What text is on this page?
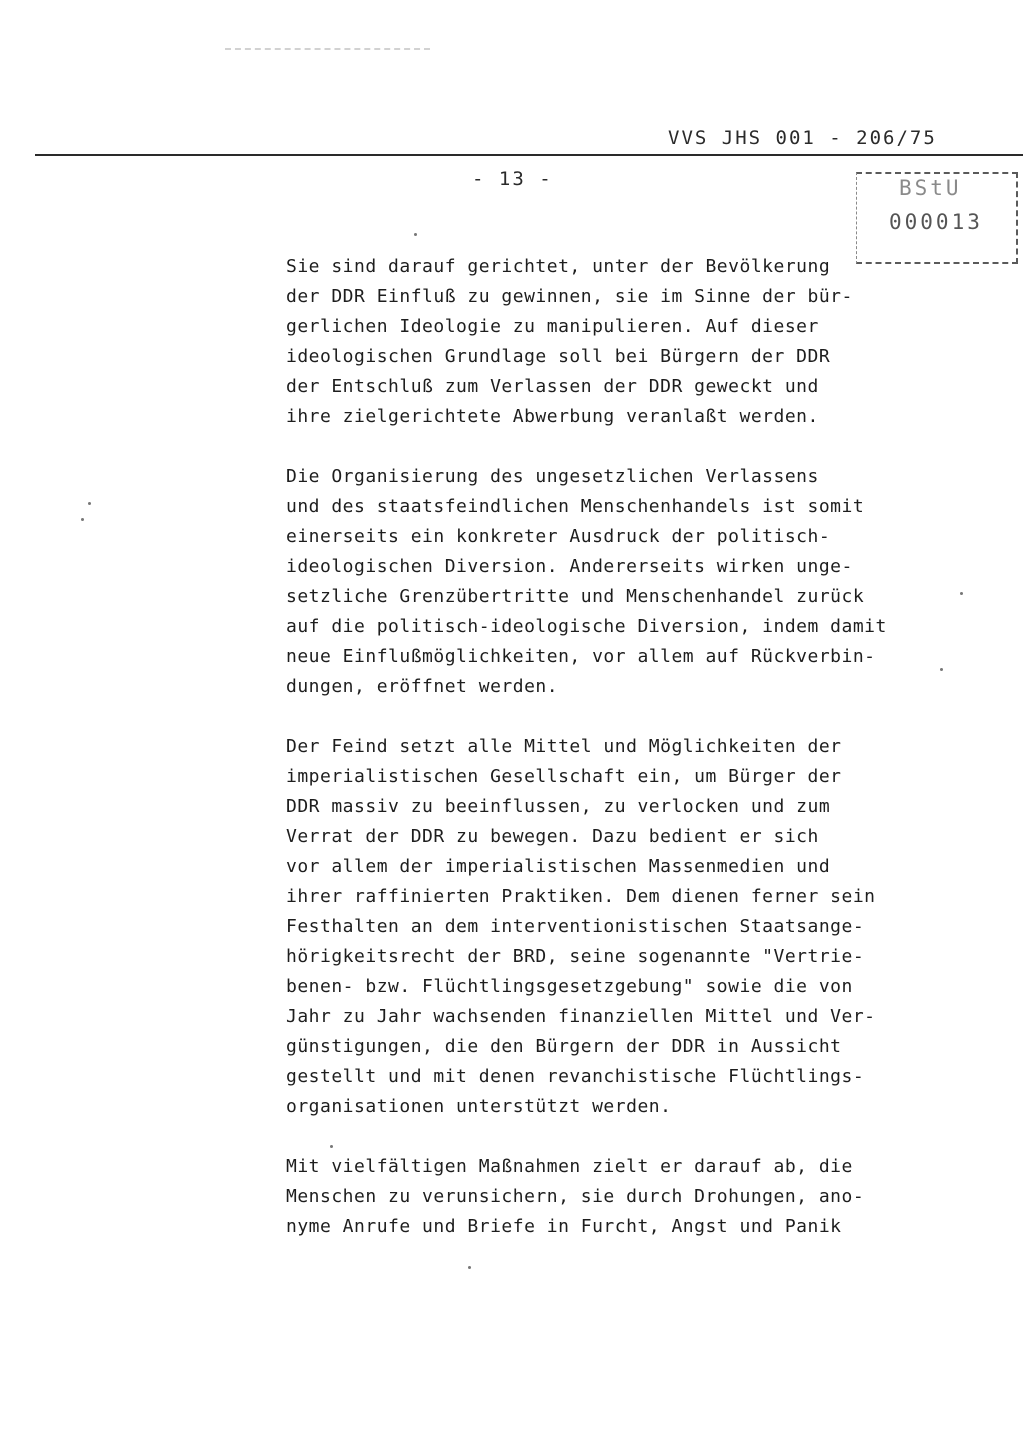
VVS JHS 001 - 206/75
- 13 -	BStU
000013
Sie sind darauf gerichtet, unter der Bevölkerung
der DDR Einfluß zu gewinnen, sie im Sinne der bür-
gerlichen Ideologie zu manipulieren. Auf dieser
ideologischen Grundlage soll bei Bürgern der DDR
der Entschluß zum Verlassen der DDR geweckt und
ihre zielgerichtete Abwerbung veranlaßt werden.
Die Organisierung des ungesetzlichen Verlassens
und des staatsfeindlichen Menschenhandels ist somit
einerseits ein konkreter Ausdruck der politisch-
ideologischen Diversion. Andererseits wirken unge-
setzliche Grenzübertritte und Menschenhandel zurück
auf die politisch-ideologische Diversion, indem damit
neue Einflußmöglichkeiten, vor allem auf Rückverbin-
dungen, eröffnet werden.
Der Feind setzt alle Mittel und Möglichkeiten der
imperialistischen Gesellschaft ein, um Bürger der
DDR massiv zu beeinflussen, zu verlocken und zum
Verrat der DDR zu bewegen. Dazu bedient er sich
vor allem der imperialistischen Massenmedien und
ihrer raffinierten Praktiken. Dem dienen ferner sein
Festhalten an dem interventionistischen Staatsange-
hörigkeitsrecht der BRD, seine sogenannte "Vertrie-
benen- bzw. Flüchtlingsgesetzgebung" sowie die von
Jahr zu Jahr wachsenden finanziellen Mittel und Ver-
günstigungen, die den Bürgern der DDR in Aussicht
gestellt und mit denen revanchistische Flüchtlings-
organisationen unterstützt werden.
Mit vielfältigen Maßnahmen zielt er darauf ab, die
Menschen zu verunsichern, sie durch Drohungen, ano-
nyme Anrufe und Briefe in Furcht, Angst und Panik
